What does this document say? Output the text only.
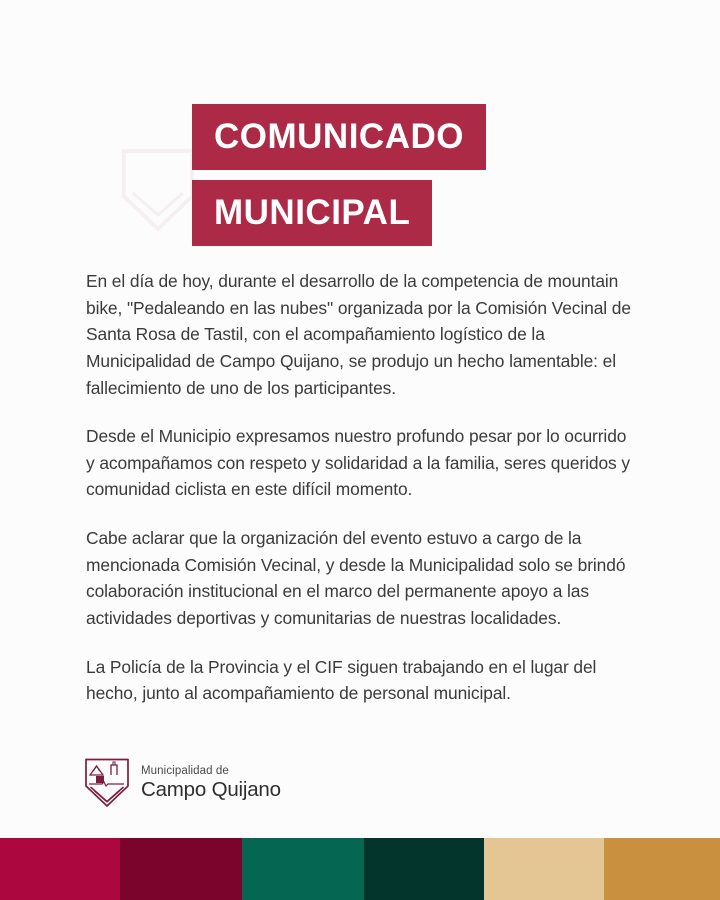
COMUNICADO
MUNICIPAL

En el día de hoy, durante el desarrollo de la competencia de mountain bike, "Pedaleando en las nubes" organizada por la Comisión Vecinal de Santa Rosa de Tastil, con el acompañamiento logístico de la Municipalidad de Campo Quijano, se produjo un hecho lamentable: el fallecimiento de uno de los participantes.

Desde el Municipio expresamos nuestro profundo pesar por lo ocurrido y acompañamos con respeto y solidaridad a la familia, seres queridos y comunidad ciclista en este difícil momento.

Cabe aclarar que la organización del evento estuvo a cargo de la mencionada Comisión Vecinal, y desde la Municipalidad solo se brindó colaboración institucional en el marco del permanente apoyo a las actividades deportivas y comunitarias de nuestras localidades.

La Policía de la Provincia y el CIF siguen trabajando en el lugar del hecho, junto al acompañamiento de personal municipal.

Municipalidad de
Campo Quijano
